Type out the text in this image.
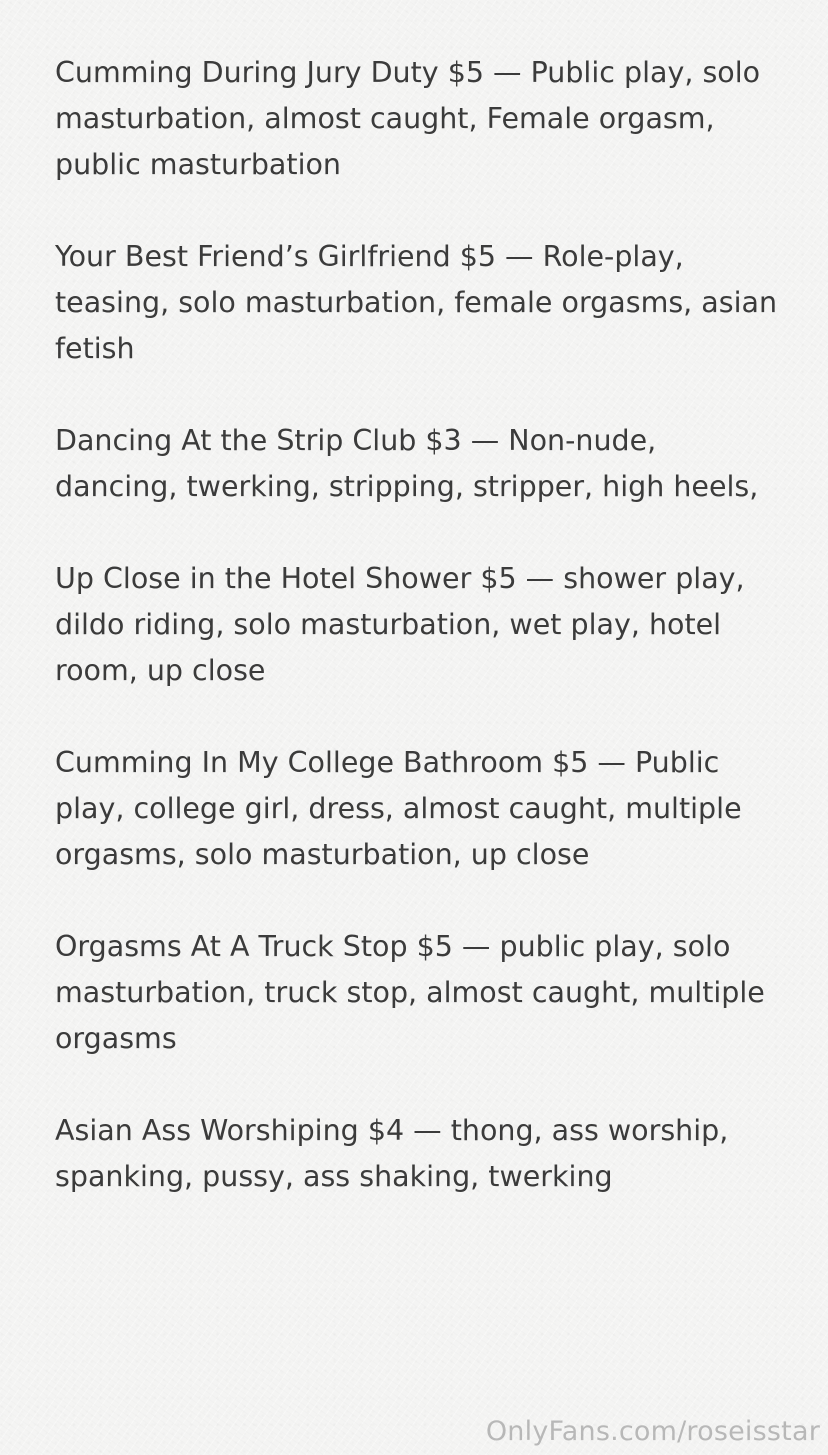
Cumming During Jury Duty $5 — Public play, solo masturbation, almost caught, Female orgasm, public masturbation

Your Best Friend’s Girlfriend $5 — Role-play, teasing, solo masturbation, female orgasms, asian fetish

Dancing At the Strip Club $3 — Non-nude, dancing, twerking, stripping, stripper, high heels,

Up Close in the Hotel Shower $5 — shower play, dildo riding, solo masturbation, wet play, hotel room, up close

Cumming In My College Bathroom $5 — Public play, college girl, dress, almost caught, multiple orgasms, solo masturbation, up close

Orgasms At A Truck Stop $5 — public play, solo masturbation, truck stop, almost caught, multiple orgasms

Asian Ass Worshiping $4 — thong, ass worship, spanking, pussy, ass shaking, twerking

OnlyFans.com/roseisstar
